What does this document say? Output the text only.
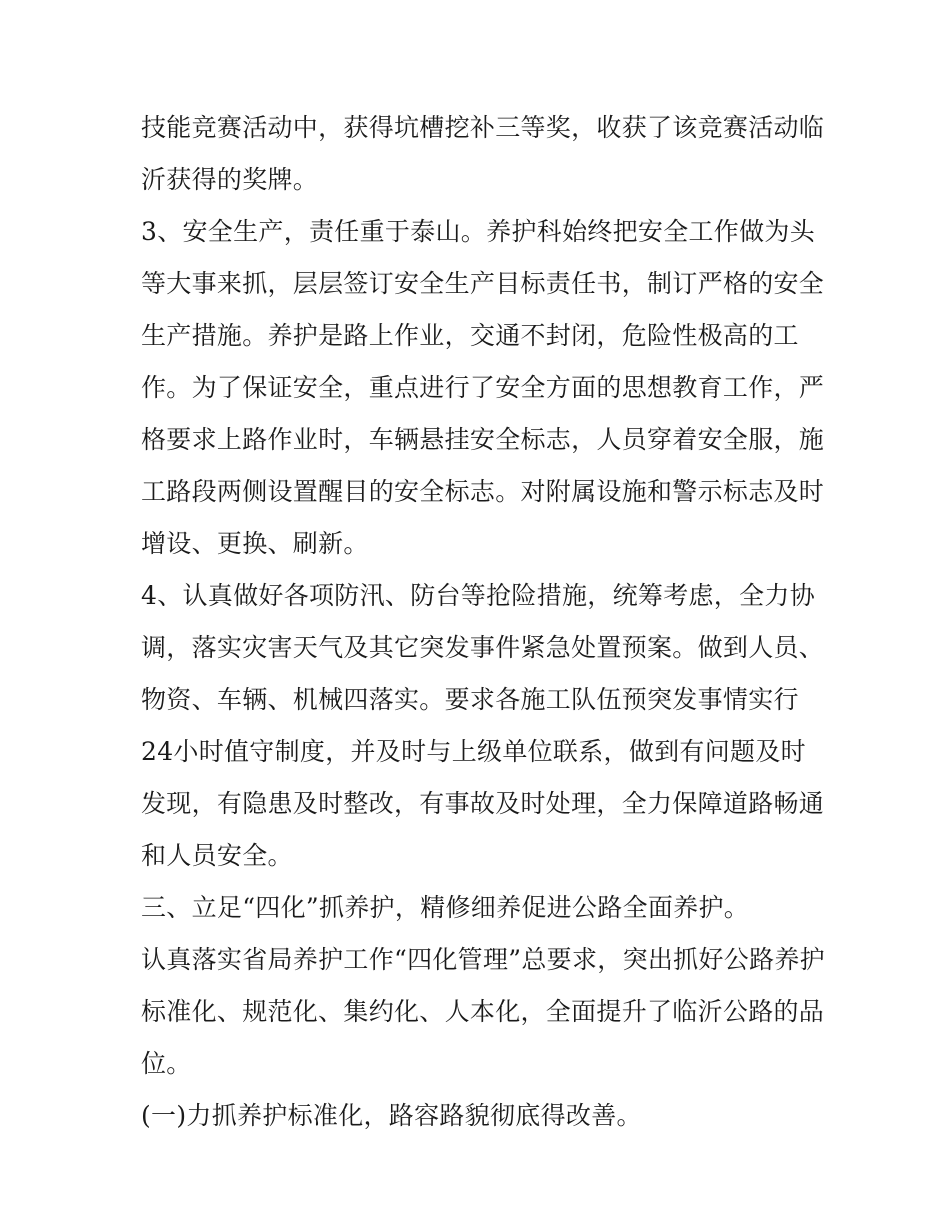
技能竞赛活动中，获得坑槽挖补三等奖，收获了该竞赛活动临
沂获得的奖牌。
3、安全生产，责任重于泰山。养护科始终把安全工作做为头
等大事来抓，层层签订安全生产目标责任书，制订严格的安全
生产措施。养护是路上作业，交通不封闭，危险性极高的工
作。为了保证安全，重点进行了安全方面的思想教育工作，严
格要求上路作业时，车辆悬挂安全标志，人员穿着安全服，施
工路段两侧设置醒目的安全标志。对附属设施和警示标志及时
增设、更换、刷新。
4、认真做好各项防汛、防台等抢险措施，统筹考虑，全力协
调，落实灾害天气及其它突发事件紧急处置预案。做到人员、
物资、车辆、机械四落实。要求各施工队伍预突发事情实行
24小时值守制度，并及时与上级单位联系，做到有问题及时
发现，有隐患及时整改，有事故及时处理，全力保障道路畅通
和人员安全。
三、立足“四化”抓养护，精修细养促进公路全面养护。
认真落实省局养护工作“四化管理”总要求，突出抓好公路养护
标准化、规范化、集约化、人本化，全面提升了临沂公路的品
位。
(一)力抓养护标准化，路容路貌彻底得改善。
